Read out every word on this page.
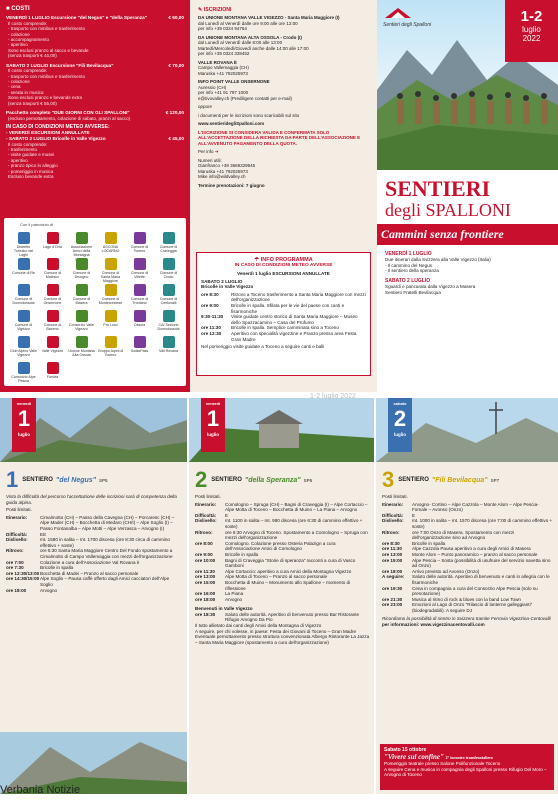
■ COSTI
VENERDÌ 1 LUGLIO Escursione "del Negus" e "della Speranza"	€ 60,00
Il costo comprende:
- trasporto con minibus e trasferimento
- colazione
- accompagnamento
- aperitivo
Sono esclusi pranzo al sacco e bevande
(senza trasporti € 45,00)
SABATO 2 LUGLIO Escursione "Fili Bevilacqua"	€ 70,00
Il costo comprende:
- trasporto con minibus e trasferimento
- colazione
- cena
- serata in musica
Sono esclusi pranzo e bevande extra
(senza trasporti € 55,00)
Pacchetto completo "DUE GIORNI CON GLI SPALLONI"	€ 120,00
(escluso pernottamento, colazione di sabato, pranzi al sacco)
IN CASO DI CONDIZIONI METEO AVVERSE:
- VENERDÌ ESCURSIONI ANNULLATE
- SABATO 2 LUGLIO Bricolle in Valle Vigezzo	€ 45,00
Il costo comprende:
- trasferimento
- visite guidate e musei
- aperitivo
- pranzo tipico in alleggio
- pomeriggio in musica
Escluso bevande extra
Con il patrocinio di
Distretto Turistico dei Laghi
Lago d'Orta	Associazione Amici della Montagna
ASCONA LOCARNO
Comune di Toceno
Comune di Craveggia
Comune di Re	Comune di Malesco
Comune di Druogno
Comune di Santa Maria Maggiore
Comune di Villette
Comune di Crodo
Comune di Domodossola
Comune di Onsernone
Comune di Masera
Comune di Montecrestese
Comune di Trontano
Comune di Centovalli
Comune di Vigezzo
Comune di Baceno
Consorzio Valle Vigezzo
Pro Loco	Ossola	CAI Sezione Domodossola
Club Alpino Valle Vigezzo
Valle Vigezzo	Unione Montana Alta Ossola
Gruppo Alpini di Toceno
SwissPass	Vall Rovana
Consorzio Alpe Pescia
Funivia
✎ ISCRIZIONI
DA UNIONE MONTANA VALLE VIGEZZO - Santa Maria Maggiore (I)
dal Lunedì al Venerdì dalle ore 9:00 alle ore 12:00
per info +39 0324 94764
DA UNIONE MONTANA ALTA OSSOLA - Crodo (I)
dal Lunedì al Venerdì dalle 8:00 alle 13:00
Martedì/Mercoledì/Giovedì anche dalle 14:00 alle 17:00
per info +39 0324 338452
VALLE ROVANA È
Campo Vallemaggia (CH)
Maruska +41 792025973
INFO POINT VALLE ONSERNONE
Auressio (CH)
per info +41 91 797 1000
e@tivovalley.ch (Prediligere contatti per e-mail)
oppure
i documenti per le iscrizioni sono scaricabili sul sito
www.sentieridegliSpalloni.com
L'ISCRIZIONE SI CONSIDERA VALIDA E CONFERMATA SOLO ALL'ACCETTAZIONE DELLA RICHIESTA DA PARTE DELL'ASSOCIAZIONE E ALL'AVVENUTO PAGAMENTO DELLA QUOTA.
Per info ➜
Numeri utili:
Gianfranco +39 3669329945
Maruska +41 792025973
Mike info@wildvalley.ch
Termine prenotazioni: 7 giugno
☂ INFO PROGRAMMA
IN CASO DI CONDIZIONI METEO AVVERSE
Venerdì 1 luglio ESCURSIONI ANNULLATE
SABATO 2 LUGLIO
Bricolle in Valle Vigezzo
ore 8:30	Ritrovo a Toceno trasferimento a Santa Maria Maggiore con mezzi dell'organizzazione
ore 9:00	Bricolle in spalla. Sfilata per le vie del paese con canti e fisarmoniche
9:30-11:30	Visite guidate centro storico di Santa Maria Maggiore – Museo dello Spazzacamino – Casa del Profumo
ore 11:30	Bricolle in spalla. Semplice camminata sino a Toceno
ore 12:30	Aperitivo con specialità vigezzine e Pranzo presso area Festa Gran Madre
Nel pomeriggio visite guidate a Toceno a seguire canti e balli

Sentieri degli Spalloni	1-2
luglio
2022
SENTIERI
degli SPALLONI
Cammini senza frontiere
VENERDÌ 1 LUGLIO
Due itinerari dalla Svizzera alla Valle Vigezzo (Italia)
- Il cammino del Negus
- Il sentiero della speranza
SABATO 2 LUGLIO
Sguardi e pancarata dalla Vigezzo a Masera
Sentiero Fratelli Bevilacqua
venerdì
1
luglio
1 SENTIERO "del Negus" SP5
Visto la difficoltà del percorso l'accettazione delle iscrizioni sarà di competenza della guida alpina.
Posti limitati.
Itinerario:	Cimalmotto (CH) – Passo della Cavegna (CH) – Porcaresc (CH) – Alpe Mader (CH) – Bocchetta di Medaro (CH/I) – Alpe Soglio (I) – Passo Fontanalba – Alpe Motti – Alpe Verzasca – Arvogno (I)
Difficoltà:	EE
Dislivello:	mt. 1580 in salita – mt. 1700 discesa (ore 8:30 circa di cammino effettivo + soste)
Ritrovo:	ore 5:30 Santa Maria Maggiore Centro Del Fondo spostamento a Cimalmotto di Campo Vallemaggia con mezzi dell'organizzazione
ore 7:00	Colazione a cura dell'Associazione Val Rovana è
ore 7:30	Bricolle in spalla
ore 12:30/13:00 Bocchetta di Madei – Pranzo al sacco personale
ore 14:30/15:00 Alpe Soglio – Pausa caffè offerto dagli Amici cacciatori dell'Alpe Soglio
ore 18:00	Arvogno
venerdì
1
luglio
2 SENTIERO "della Speranza" SP6
Posti limitati.
Itinerario:	Comologno – Spruga (CH) – Bagni di Craveggia (I) – Alpe Cortaccio – Alpe Motta di Toceno – Bocchetta di Muino – La Piana – Arvogno
Difficoltà:	E
Dislivello:	mt. 1100 in salita – mt. 980 discesa (ore 6:30 di cammino effettivo + soste)
Ritrovo:	ore 6:30 Arvogno di Toceno. Spostamento a Comologno – Spruga con mezzi dell'organizzazione
ore 8:00	Comologno. Colazione presso Osteria Palazign a cura dell'Associazione Amici di Comologno
ore 9:00	Bricolle in spalla
ore 10:00	Bagni di Craveggia "Storie di speranza" racconti a cura di Vasco Gamboni
ore 11:30	Alpe Cortaccio: aperitivo a cura Amici della Montagna Vigezzo
ore 13:00	Alpe Motta di Toceno – Pranzo al sacco personale
ore 15:00	Bocchetta di Muino – Monumento allo Spallone – momento di riflessione
ore 16:00	La Piana
ore 18:00	Arvogno
Benvenuti in Valle Vigezzo
ore 18:30	Saluto delle autorità. Aperitivo di benvenuto presso Bar Ristorante Rifugio Arvogno Da Pio
Il tutto allietato dai canti degli Amici della Montagna di Vigezzo
A seguire, per chi volesse, in paese: Festa dei Giovani di Toceno – Gran Madre
Eventuale pernottamento presso struttura convenzionata Albergo Ristorante La Jazza – Santa Maria Maggiore (spostamento a cura dell'organizzazione)
sabato
2
luglio
3 SENTIERO "Fili Bevilacqua" SP7
Posti limitati.
Itinerario:	Arvogno- Cortino – Alpe Cazzola – Monte Alom – Alpe Pescia- Fomale – Avonso (Onzo)
Difficoltà:	E
Dislivello:	mt. 1000 in salita – mt. 1570 discesa (ore 7:00 di cammino effettivo + soste)
Ritrovo:	ore 7:00 Onzo di Masera. Spostamento con mezzi dell'organizzazione sino ad Arvogno
ore 8:30	Bricolle in spalla
ore 11:30	Alpe Cazzola Pausa aperitivo a cura degli Amici di Masera
ore 13:00	Monte Alom – Punto panoramico – pranzo al sacco personale
ore 15:00	Alpe Pescia – Sosta (possibilità di usufruire del servizio navetta sino ad Onzo)
ore 18:00	Arrivo previsto ad Avonso (Onzo)
A seguire:	Saluto delle autorità. Aperitivo di benvenuto e canti in allegria con le fisarmoniche
ore 19:30	Cena in compagnia a cura del Consorzio Alpe Pescia (solo su prenotazione)
ore 21:30	Musica al ritmo di rock & blues con la band Low Town
ore 23:00	Emozioni al Lago di Onzo "Rilascio di lanterne galleggianti" (biodegradabili). A seguire DJ
Ricordiamo la possibilità di rientro in Svizzera tramite Ferrovia Vigezzina-Centovalli
per informazioni: www.vigezzinacentovalli.com
Sabato 15 ottobre
"Vivere sul confine" 2° incontro transfrontaliero
Pomeriggio teatrale presso Salone Polifunzionale Toceno
A seguire Cena e musica in compagnia degli Spalloni presso Rifugio Del Moro – Arvogno di Toceno
1-2 luglio 2022
Verbania Notizie
